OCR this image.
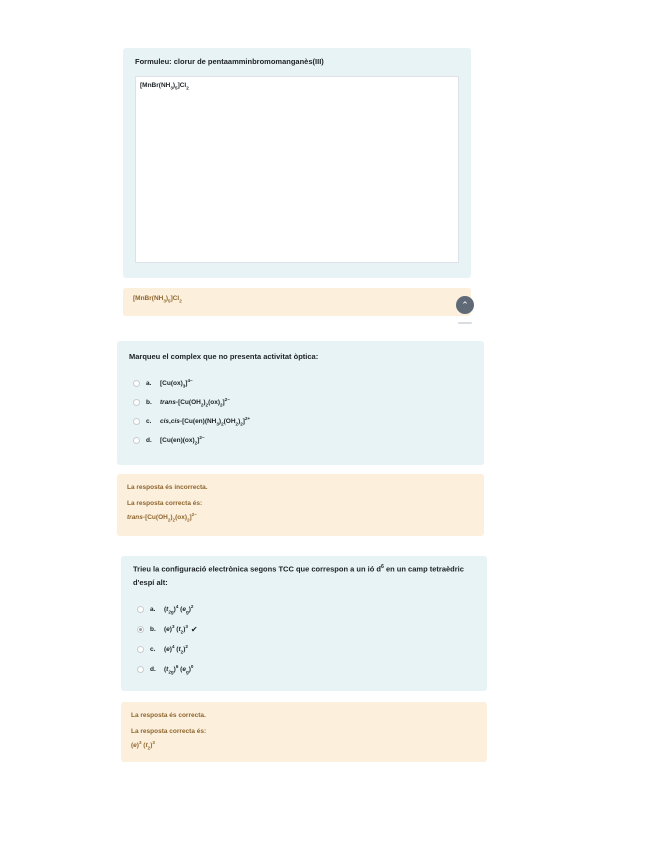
Formuleu: clorur de pentaamminbromomanganès(III)
$[MnBr(NH_3)_5]Cl_2$
$[MnBr(NH_3)_5]Cl_2$	⌃
Marqueu el complex que no presenta activitat òptica:
a.	$[Cu(ox)_3]^{4-}$
b.	trans-$[Cu(OH_2)_2(ox)_2]^{2-}$
c.	$cis,cis-[Cu(en)(NH_3)_2(OH_2)_2]^{2+}$
d.	$[Cu(en)(ox)_2]^{2-}$
La resposta és incorrecta.
La resposta correcta és:
trans-$[Cu(OH_2)_2(ox)_2]^{2-}$
Trieu la configuració electrònica segons TCC que correspon a un ió $d^6$ en un camp tetraèdric d'espí alt:
a.	$(t_{2g})^4$ $(e_g)^2$
b.	$(e)^3$ $(t_2)^3$ ✔
c.	$(e)^4$ $(t_2)^2$
d.	$(t_{2g})^6$ $(e_g)^0$
La resposta és correcta.
La resposta correcta és:
$(e)^3$ $(t_2)^3$
